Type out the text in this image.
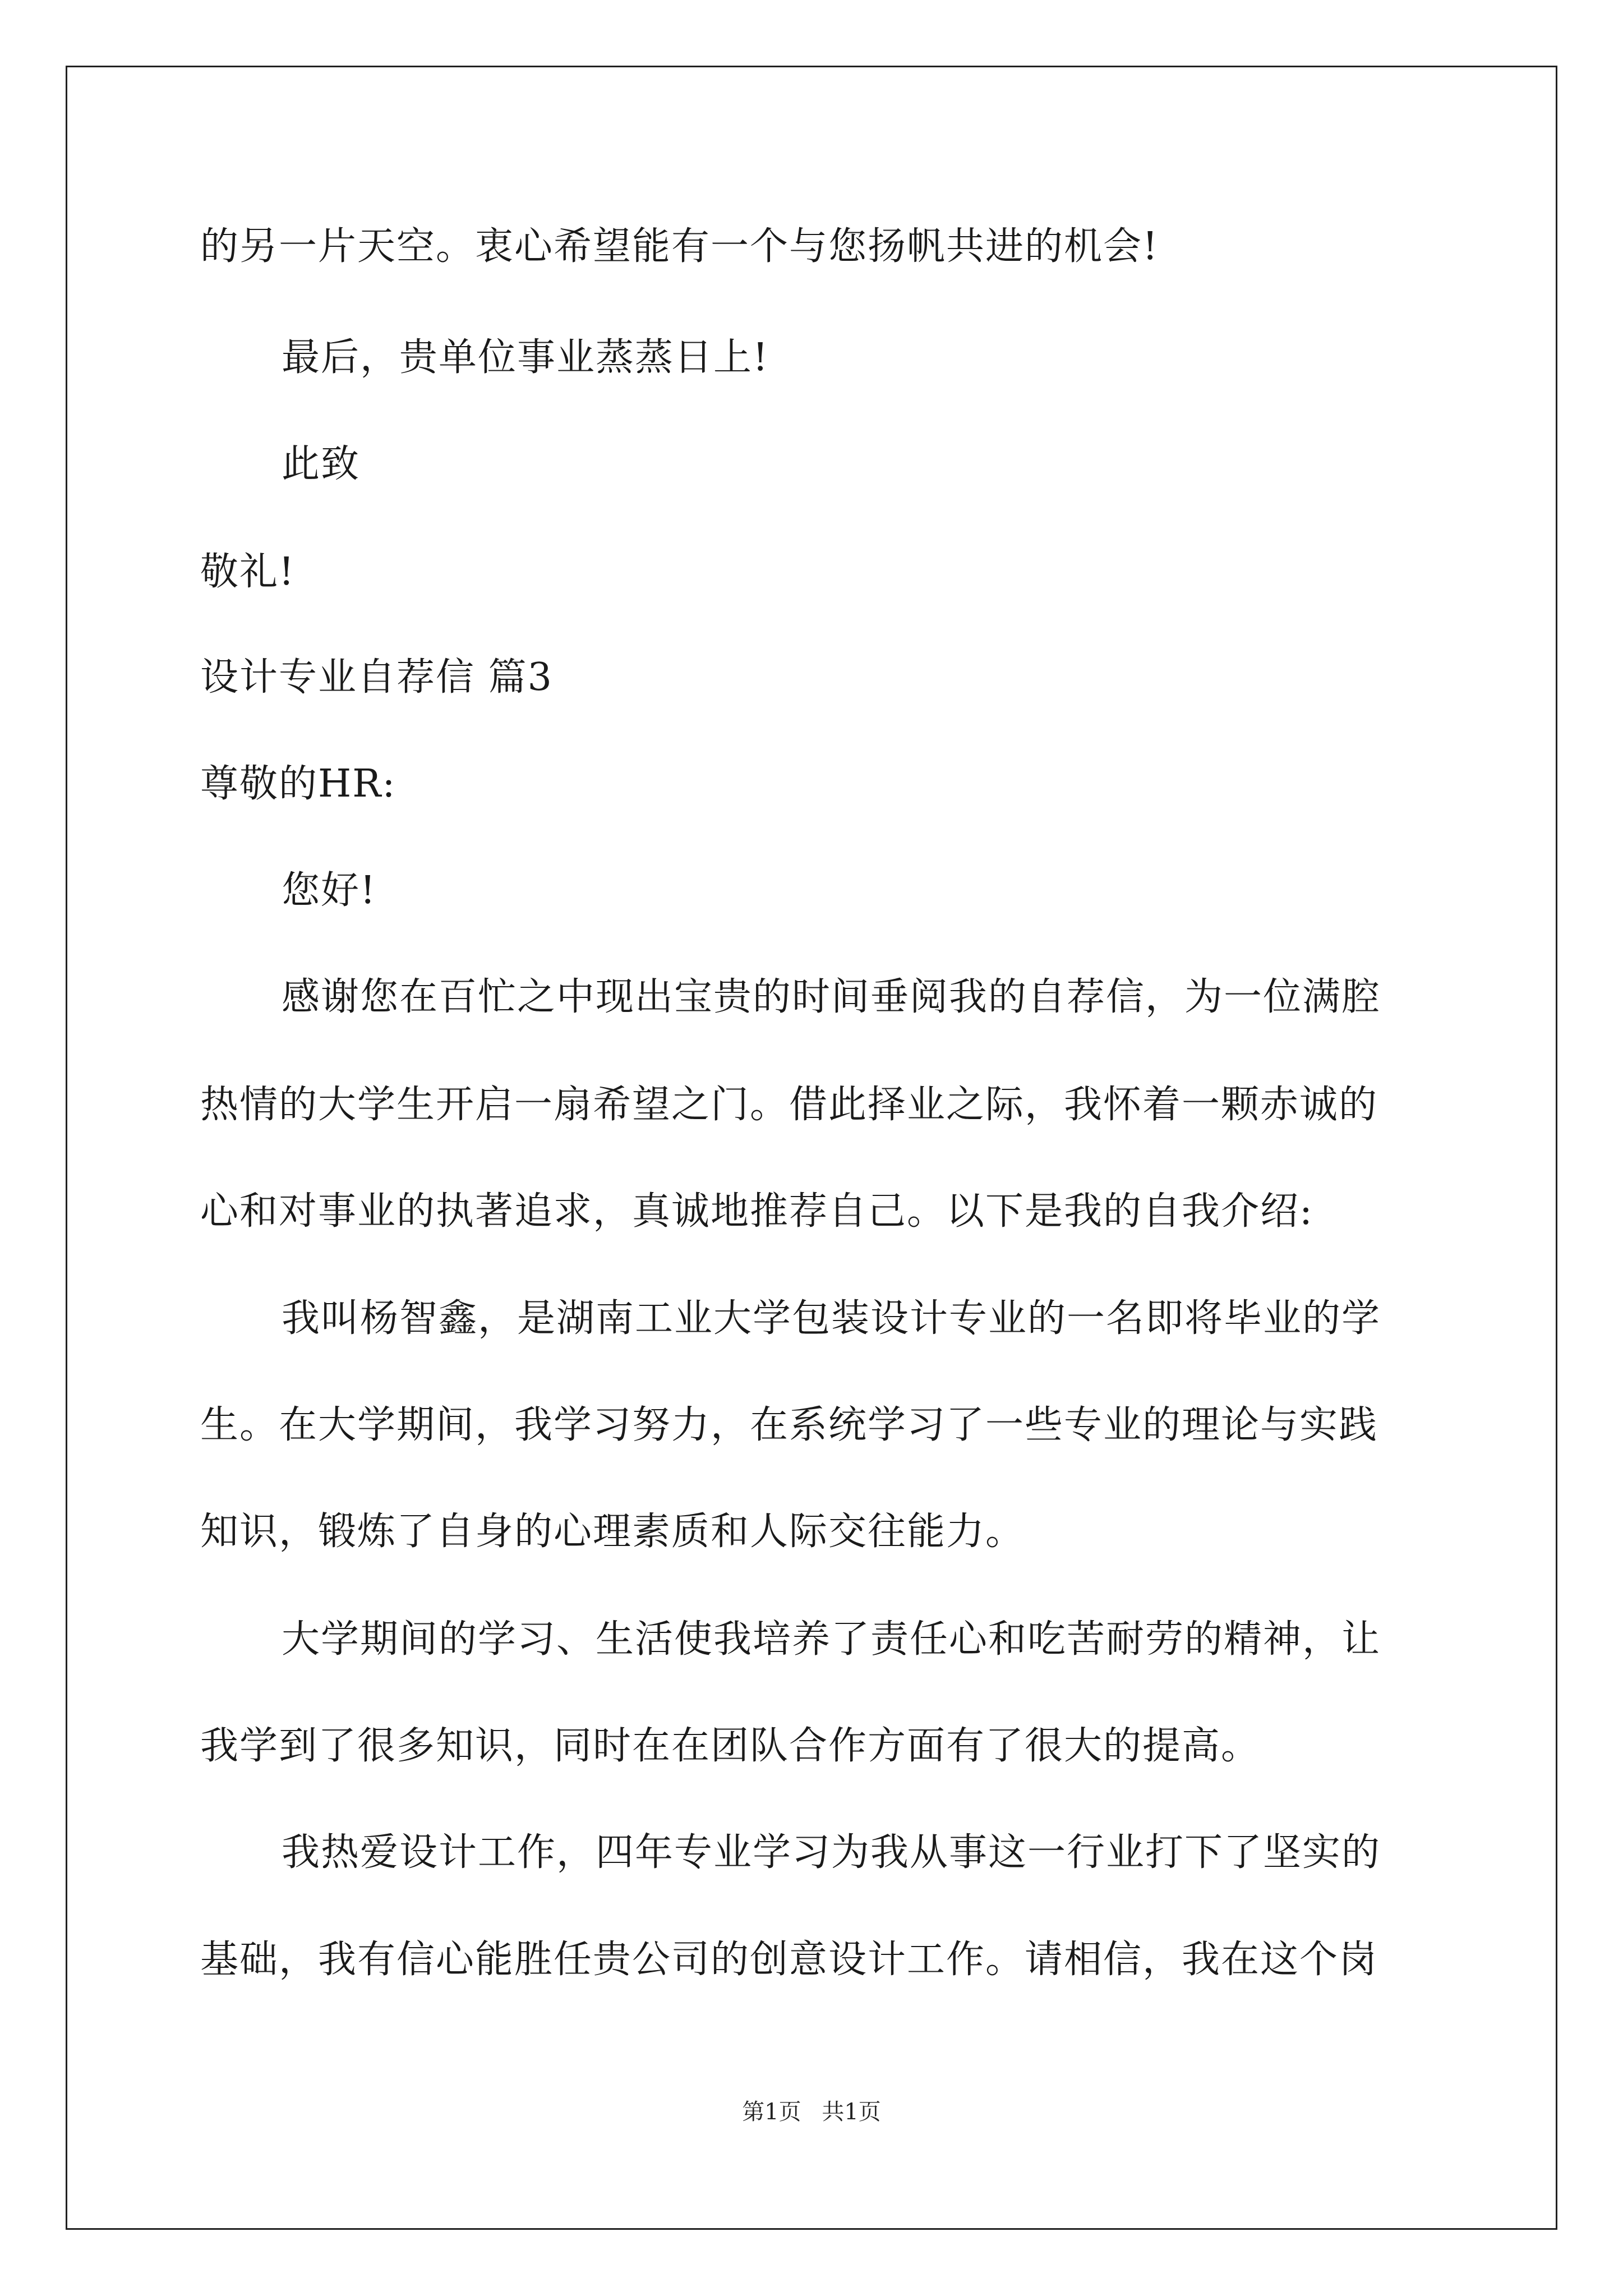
的另一片天空。衷心希望能有一个与您扬帆共进的机会!
最后，贵单位事业蒸蒸日上!
此致
敬礼!
设计专业自荐信 篇3
尊敬的HR:
您好!
感谢您在百忙之中现出宝贵的时间垂阅我的自荐信，为一位满腔
热情的大学生开启一扇希望之门。借此择业之际，我怀着一颗赤诚的
心和对事业的执著追求，真诚地推荐自己。以下是我的自我介绍:
我叫杨智鑫，是湖南工业大学包装设计专业的一名即将毕业的学
生。在大学期间，我学习努力，在系统学习了一些专业的理论与实践
知识，锻炼了自身的心理素质和人际交往能力。
大学期间的学习、生活使我培养了责任心和吃苦耐劳的精神，让
我学到了很多知识，同时在在团队合作方面有了很大的提高。
我热爱设计工作，四年专业学习为我从事这一行业打下了坚实的
基础，我有信心能胜任贵公司的创意设计工作。请相信，我在这个岗
第1页 共1页
